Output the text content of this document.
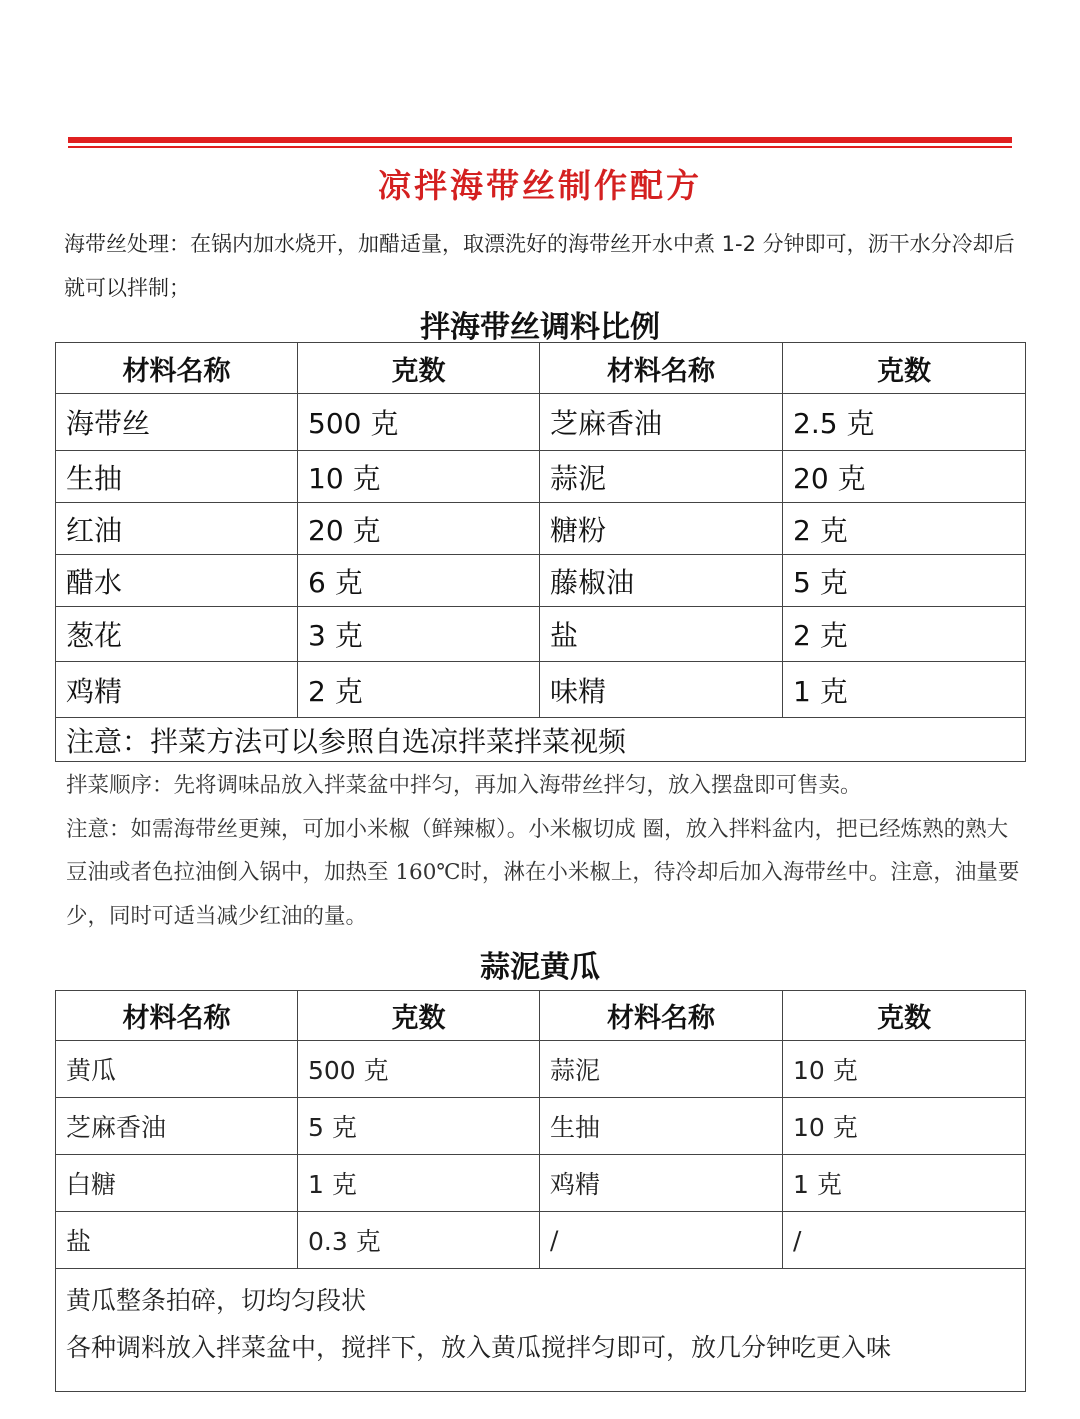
凉拌海带丝制作配方
海带丝处理：在锅内加水烧开，加醋适量，取漂洗好的海带丝开水中煮 1-2 分钟即可，沥干水分冷却后就可以拌制；
拌海带丝调料比例
材料名称	克数	材料名称	克数
海带丝	500 克	芝麻香油	2.5 克
生抽	10 克	蒜泥	20 克
红油	20 克	糖粉	2 克
醋水	6 克	藤椒油	5 克
葱花	3 克	盐	2 克
鸡精	2 克	味精	1 克
注意：拌菜方法可以参照自选凉拌菜拌菜视频			
拌菜顺序：先将调味品放入拌菜盆中拌匀，再加入海带丝拌匀，放入摆盘即可售卖。
注意：如需海带丝更辣，可加小米椒（鲜辣椒）。小米椒切成 圈，放入拌料盆内，把已经炼熟的熟大豆油或者色拉油倒入锅中，加热至 160℃时，淋在小米椒上，待冷却后加入海带丝中。注意，油量要少，同时可适当减少红油的量。
蒜泥黄瓜
材料名称	克数	材料名称	克数
黄瓜	500 克	蒜泥	10 克
芝麻香油	5 克	生抽	10 克
白糖	1 克	鸡精	1 克
盐	0.3 克	/	/

黄瓜整条拍碎，切均匀段状
各种调料放入拌菜盆中，搅拌下，放入黄瓜搅拌匀即可，放几分钟吃更入味			
